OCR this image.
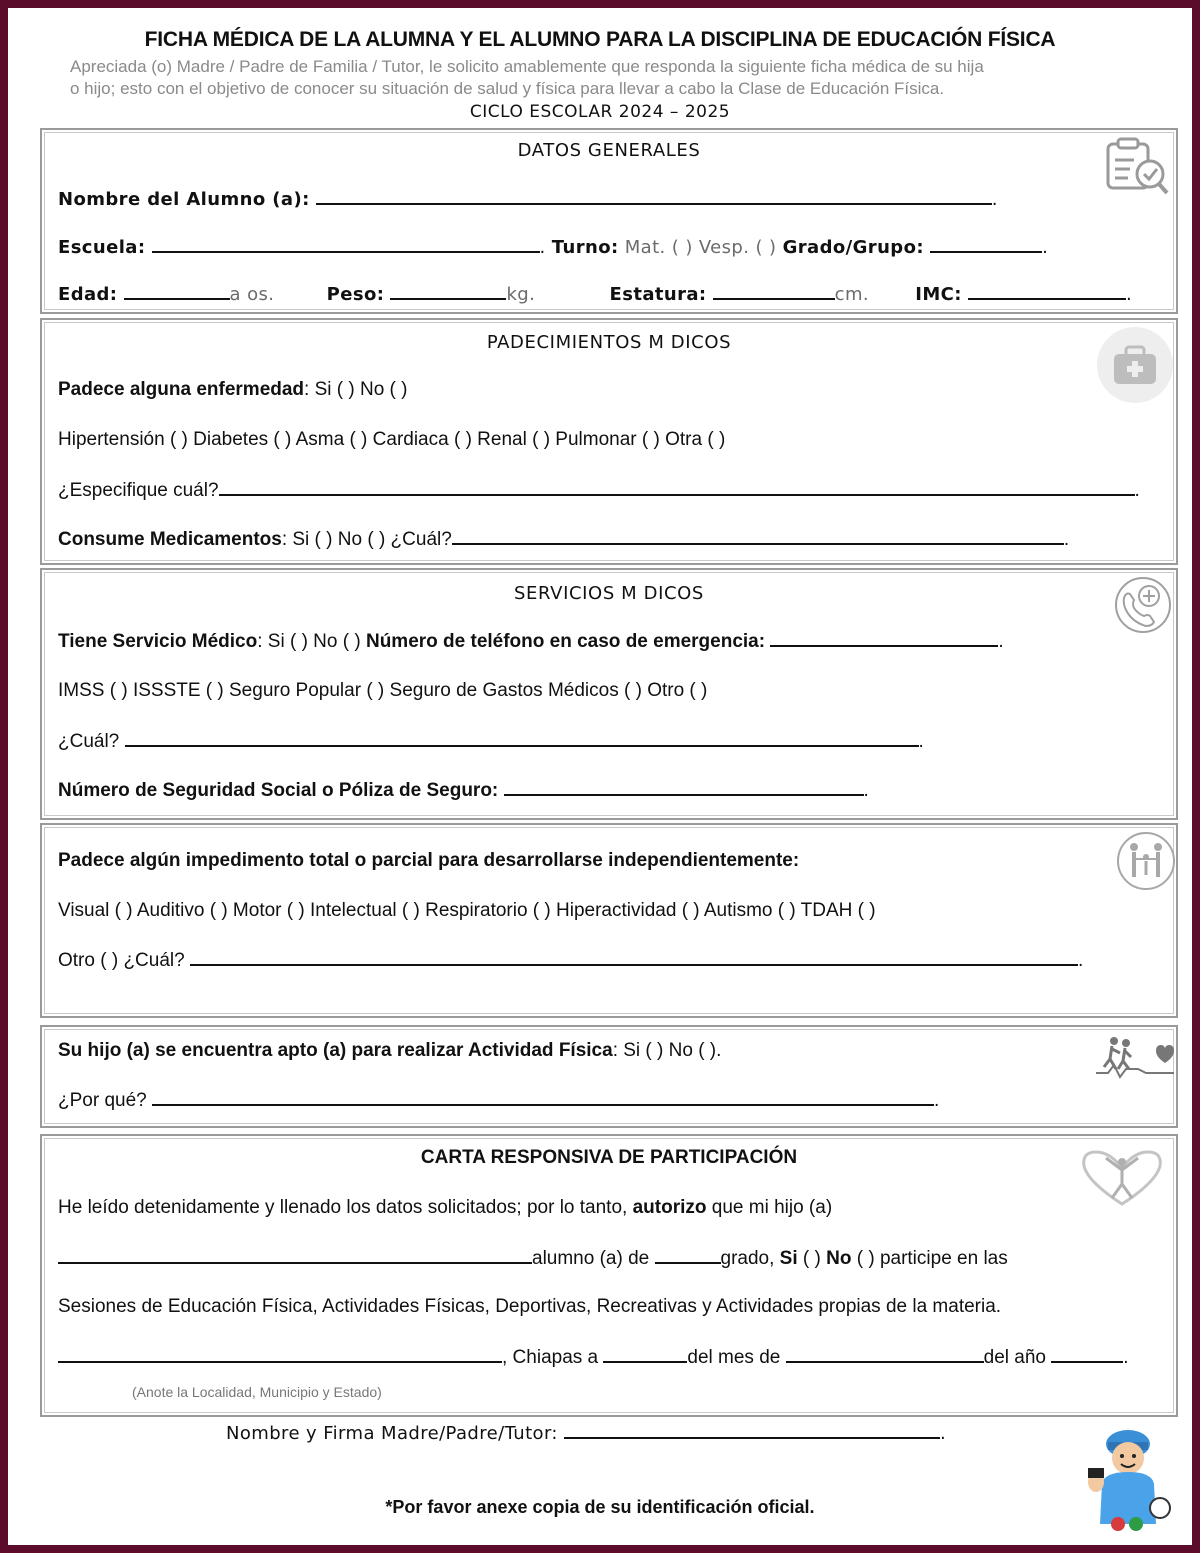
FICHA MÉDICA DE LA ALUMNA Y EL ALUMNO PARA LA DISCIPLINA DE EDUCACIÓN FÍSICA
Apreciada (o) Madre / Padre de Familia / Tutor, le solicito amablemente que responda la siguiente ficha médica de su hija
o hijo; esto con el objetivo de conocer su situación de salud y física para llevar a cabo la Clase de Educación Física.
CICLO ESCOLAR 2024 – 2025
DATOS GENERALES
Nombre del Alumno (a):	.
Escuela:	. Turno: Mat. ( ) Vesp. ( ) Grado/Grupo:	.
Edad:	a os.	Peso:	kg.	Estatura:	cm.	IMC:	.
PADECIMIENTOS M DICOS
Padece alguna enfermedad: Si ( ) No ( )
Hipertensión ( ) Diabetes ( ) Asma ( ) Cardiaca ( ) Renal ( ) Pulmonar ( ) Otra ( )
¿Especifique cuál?	.
Consume Medicamentos: Si ( ) No ( ) ¿Cuál?	.
SERVICIOS M DICOS
Tiene Servicio Médico: Si ( ) No ( ) Número de teléfono en caso de emergencia:	.
IMSS ( ) ISSSTE ( ) Seguro Popular ( ) Seguro de Gastos Médicos ( ) Otro ( )
¿Cuál?	.
Número de Seguridad Social o Póliza de Seguro:	.
Padece algún impedimento total o parcial para desarrollarse independientemente:
Visual ( ) Auditivo ( ) Motor ( ) Intelectual ( ) Respiratorio ( ) Hiperactividad ( ) Autismo ( ) TDAH ( )
Otro ( ) ¿Cuál?	.
Su hijo (a) se encuentra apto (a) para realizar Actividad Física: Si ( ) No ( ).
¿Por qué?	.
CARTA RESPONSIVA DE PARTICIPACIÓN
He leído detenidamente y llenado los datos solicitados; por lo tanto, autorizo que mi hijo (a)
alumno (a) de	grado, Si ( ) No ( ) participe en las
Sesiones de Educación Física, Actividades Físicas, Deportivas, Recreativas y Actividades propias de la materia.
, Chiapas a	del mes de	del año	.
(Anote la Localidad, Municipio y Estado)
Nombre y Firma Madre/Padre/Tutor:	.
*Por favor anexe copia de su identificación oficial.
